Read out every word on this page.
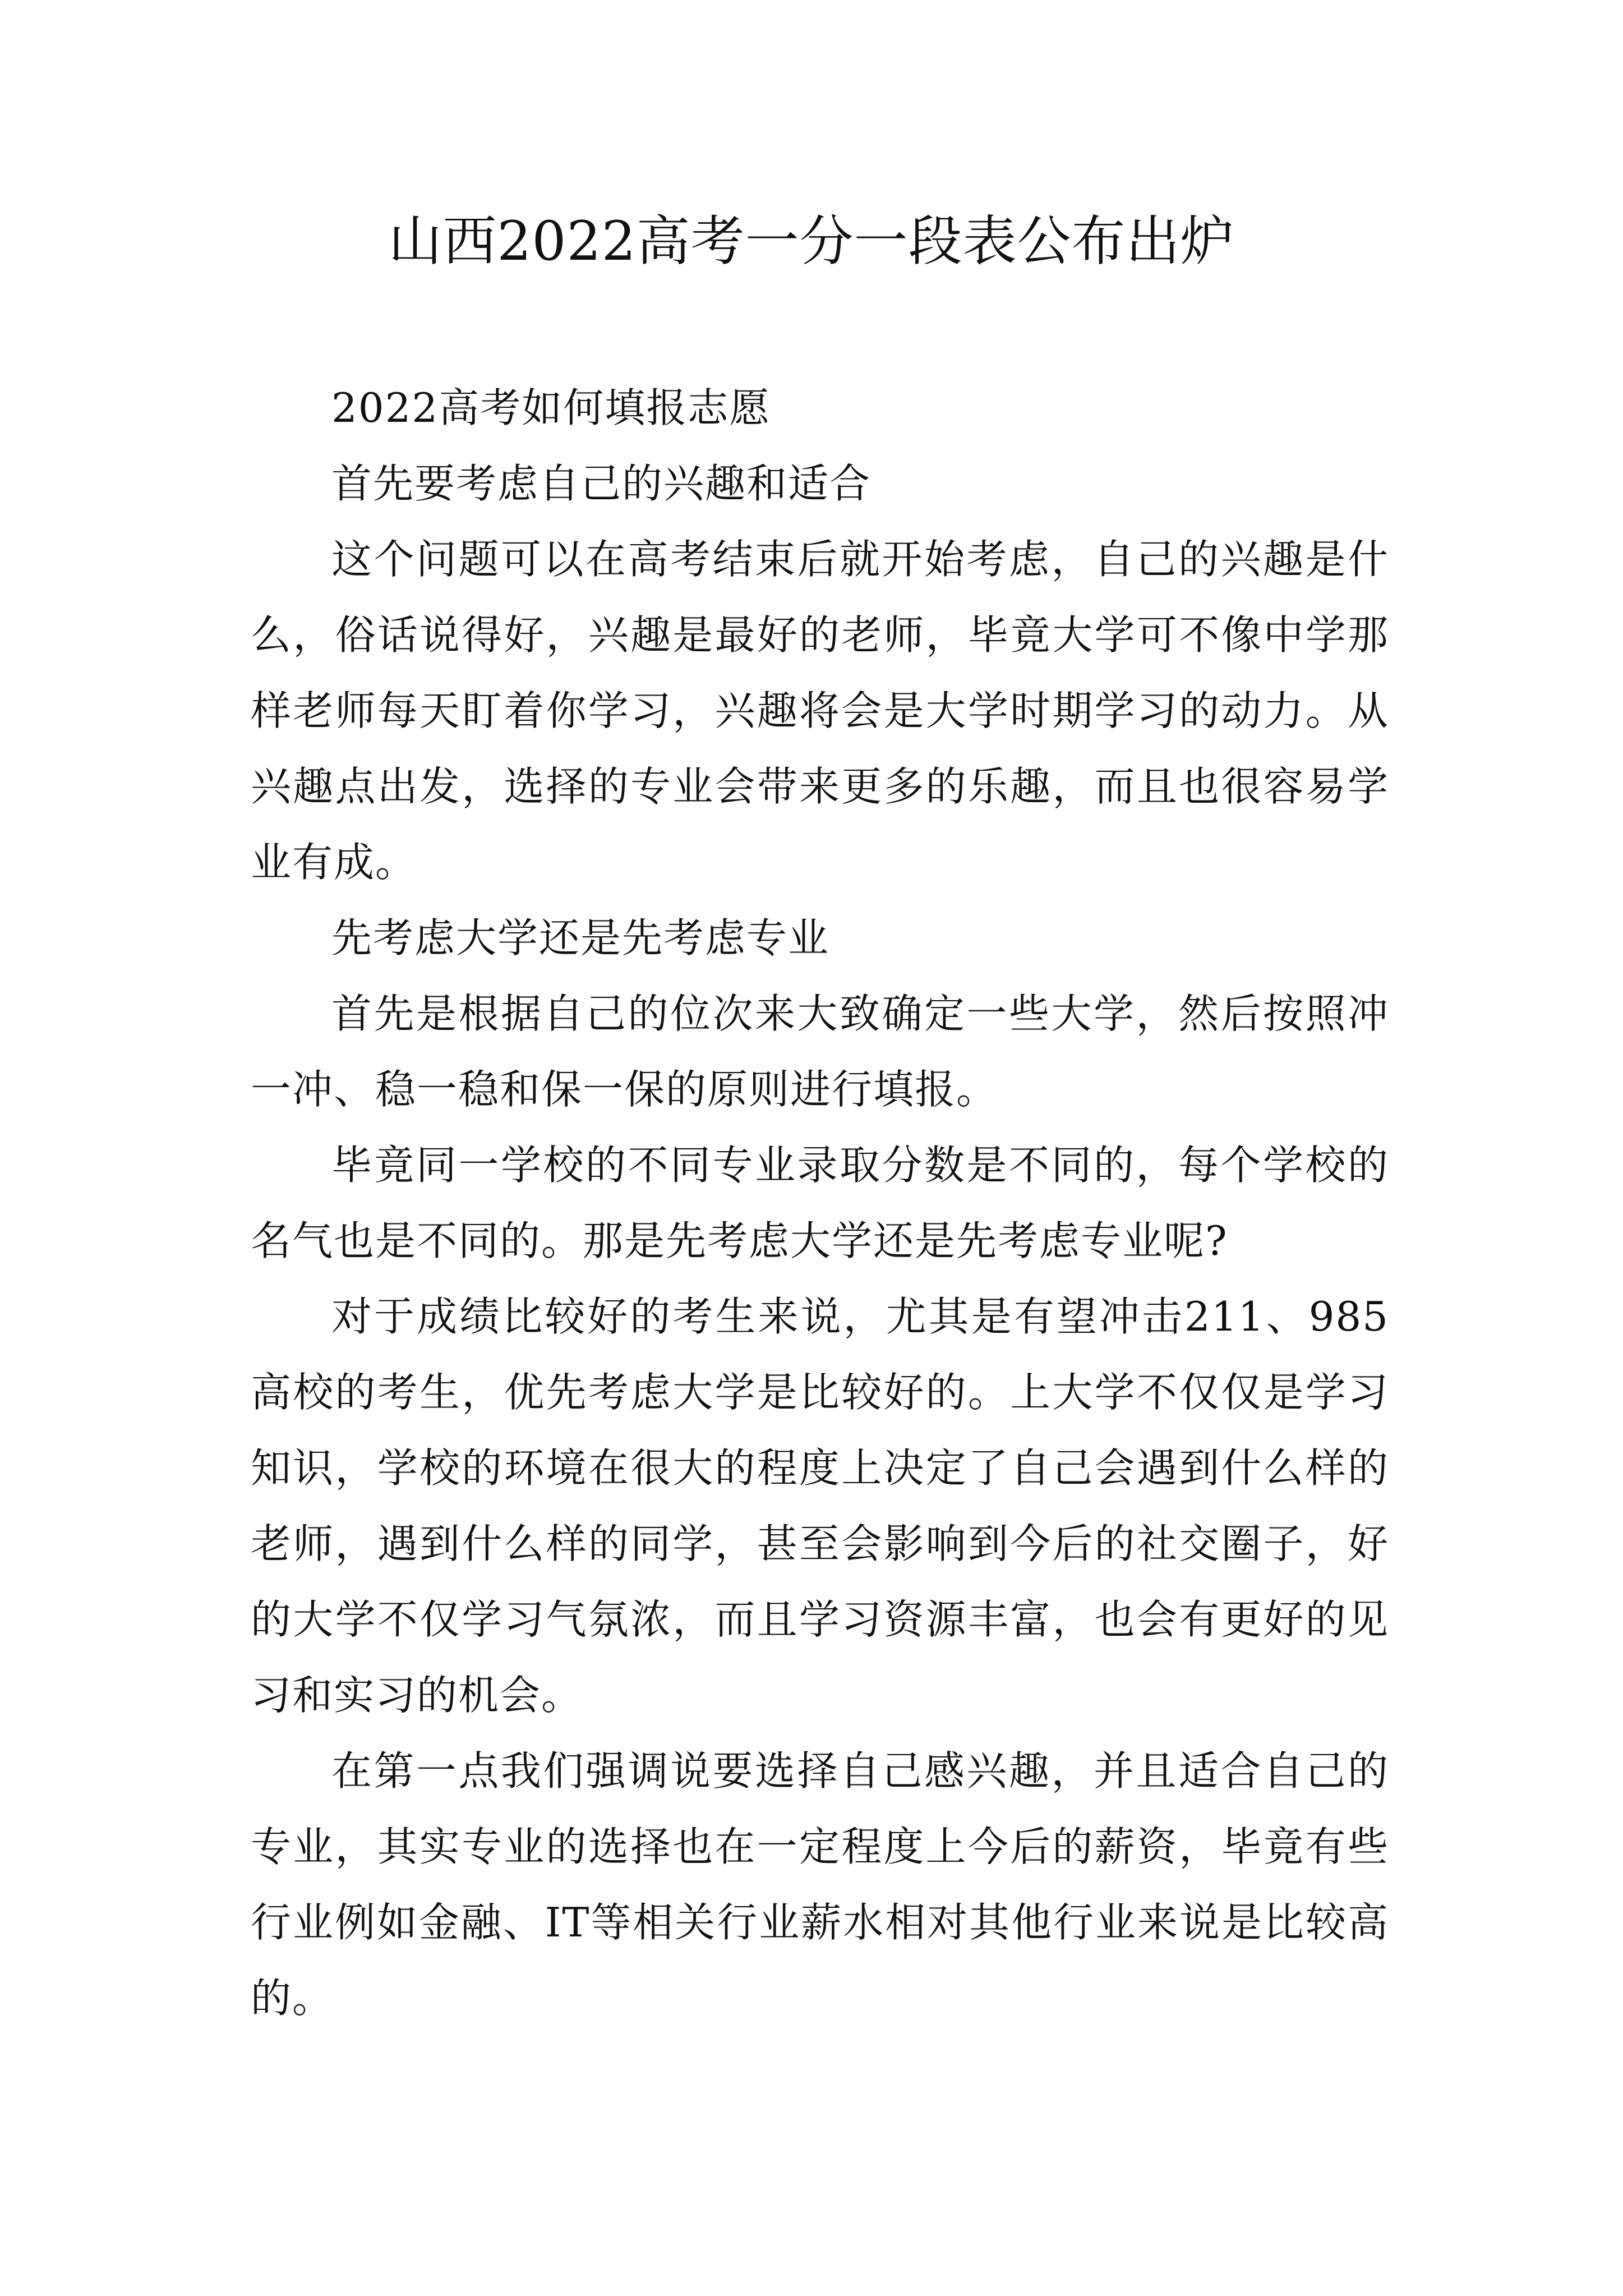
山西2022高考一分一段表公布出炉

2022高考如何填报志愿

首先要考虑自己的兴趣和适合

这个问题可以在高考结束后就开始考虑，自己的兴趣是什么，俗话说得好，兴趣是最好的老师，毕竟大学可不像中学那样老师每天盯着你学习，兴趣将会是大学时期学习的动力。从兴趣点出发，选择的专业会带来更多的乐趣，而且也很容易学业有成。

先考虑大学还是先考虑专业

首先是根据自己的位次来大致确定一些大学，然后按照冲一冲、稳一稳和保一保的原则进行填报。

毕竟同一学校的不同专业录取分数是不同的，每个学校的名气也是不同的。那是先考虑大学还是先考虑专业呢?

对于成绩比较好的考生来说，尤其是有望冲击211、985高校的考生，优先考虑大学是比较好的。上大学不仅仅是学习知识，学校的环境在很大的程度上决定了自己会遇到什么样的老师，遇到什么样的同学，甚至会影响到今后的社交圈子，好的大学不仅学习气氛浓，而且学习资源丰富，也会有更好的见习和实习的机会。

在第一点我们强调说要选择自己感兴趣，并且适合自己的专业，其实专业的选择也在一定程度上今后的薪资，毕竟有些行业例如金融、IT等相关行业薪水相对其他行业来说是比较高的。
